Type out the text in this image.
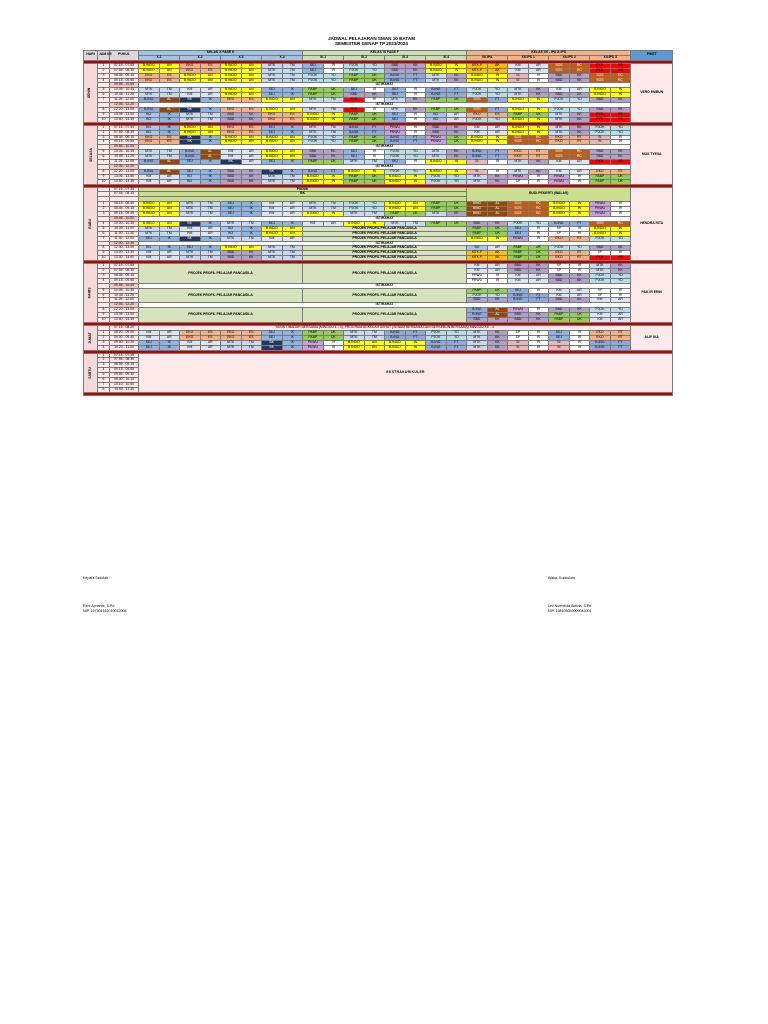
JADWAL PELAJARAN SMAN 10 BATAM
SEMESTER GENAP TP 2023/2024
HARI	JAM KE	PUKUL	KELAS X FASE E								KELAS XI FASE F								KELAS XII - IPA & IPS								PIKET
			X.1		X.2		X.3		X.4		XI.1		XI.2		XI.3		XI.4		XII.IPA		XII.IPS 1		XII.IPS 2		XII.IPS 3		

SENIN	1	07.15 - 07.55	B.INDO	AN	EKO	ES	B.INDO	AN	MTK	TM	SEJ	IR	PJOK	YD	SBD	KK	B.INDO	IN	MTK.P	AK	KM	AR	SOS	RC	PKN	KB	VERO EMBUN
	2	07.55 - 08.35	B.INDO	AN	EKO	ES	B.INDO	AN	MTK	TM	SEJ	IR	PJOK	YD	SBD	KK	B.INDO	IN	MTK.P	AK	KM	AR	SOS	RC	PKN	KB	
	3	08.35 - 09.15	EKO	ES	B.INDO	AN	B.INDO	AN	MTK	TM	PJOK	YD	PABP	UK	B.ING	FT	MTK	KK	B.INDO	IN	SI	IR	SBD	KK	SOS	RC	
	4	09.15 - 09.55	EKO	ES	B.INDO	AN	B.INDO	AN	MTK	TM	PJOK	YD	PABP	UK	B.ING	FT	MTK	KK	B.INDO	IN	SI	IR	SBD	KK	SOS	RC	
		09.55 - 10.05	ISTIRAHAT																								
	5	10.05 - 10.45	MTK	TM	KM	AR	B.INDO	AN	SEJ	IK	PABP	UK	SEJ	IR	SEJ	IR	B.ING	FT	PJOK	YD	MTK	KK	KM	AR	B.INDO	IN	
	6	10.45 - 11.25	MTK	TM	KM	AR	B.INDO	AN	SEJ	IK	PABP	UK	SBD	KK	SEJ	IR	B.ING	FT	PJOK	YD	MTK	KK	SBD	KK	B.INDO	IN	
	7	11.25 - 12.05	B.ING	AL	BK	IK	EKO	ES	B.INDO	AN	MTK	TM	PKN	IR	MTK	KK	PABP	UK	SOS	FT	B.INDO	IN	PJOK	YD	SBD	KK	
		12.05 - 12.20	ISTIRAHAT																								
	8	12.20 - 13.05	B.ING	AL	BK	IK	EKO	ES	B.INDO	AN	MTK	TM	PKN	IR	MTK	KK	PABP	UK	SOS	FT	B.INDO	IN	PJOK	YD	SBD	KK	
	9	13.05 - 13.50	BO	IK	MTK	TM	SBD	KK	EKO	ES	B.INDO	IN	PABP	UK	SEJ	IR	BO	AR	EKO	ES	PABP	UK	MTK	KK	PKN	KB	
	10	13.50 - 14.35	BO	IK	MTK	TM	SBD	KK	EKO	ES	B.INDO	IN	PABP	UK	SEJ	IR	BO	AR	PJOK	YD	B.INDO	IN	MTK	KK	PKN	KB	

SELASA	1	07.15 - 07.55	BO	IK	B.INDO	AN	EKO	ES	SEJ	IK	MTK	TM	B.ING	FT	PKWU	IR	SBD	KK	KM	AR	B.INDO	IN	MTK	KK	PJOK	YD	MUS TYESA
	2	07.55 - 08.35	BO	IK	B.INDO	AN	EKO	ES	SEJ	IK	MTK	TM	B.ING	FT	PKWU	IR	SBD	KK	KM	AR	B.INDO	IN	MTK	KK	PJOK	YD	
	3	08.35 - 09.15	EKO	ES	BK	IK	B.INDO	AN	B.INDO	AN	PJOK	YD	PABP	UK	B.ING	FT	PKWU	UK	B.INDO	IN	SOS	RC	EKO	RT	SI	IR	
	4	09.15 - 09.55	EKO	ES	BK	IK	B.INDO	AN	B.INDO	AN	PJOK	YD	PABP	UK	B.ING	FT	PKWU	UK	B.INDO	IN	SOS	RC	EKO	RT	SI	IR	
		09.55 - 10.05	ISTIRAHAT																								
	5	10.05 - 10.45	MTK	TM	B.ING	AL	KM	AR	B.INDO	AN	SBD	KK	SEJ	IR	PJOK	YD	MTK	KK	B.ING	FT	EKO	RT	SOS	RC	SBD	KK	
	6	10.45 - 11.25	MTK	TM	B.ING	AL	KM	AR	B.INDO	AN	SBD	KK	SEJ	IR	PJOK	YD	MTK	KK	B.ING	FT	EKO	RT	SOS	RC	SBD	KK	
	7	11.25 - 12.05	B.ING	AL	SEJ	IK	BK	AR	SEJ	IK	PABP	UK	MTK	TM	SEJ	IR	B.INDO	IN	SI	IR	MTK	KK	KM	AR	PKN	KB	
		12.05 - 12.20	ISTIRAHAT																								
	8	12.20 - 13.05	B.ING	AL	SEJ	IK	SBD	KK	BK	IK	B.ING	FT	B.INDO	IN	PJOK	YD	B.INDO	IN	SI	IR	MTK	KK	KM	AR	EKO	RT	
	9	13.05 - 13.50	KM	AR	BO	IK	SBD	KK	MTK	TM	B.INDO	IN	PABP	UK	B.INDO	IN	PJOK	YD	MTK	KK	PKWU	IR	PKWU	IR	PABP	UK	
	10	13.50 - 14.35	KM	AR	BO	IK	SBD	KK	MTK	TM	B.INDO	IN	PABP	UK	B.INDO	IN	PJOK	YD	MTK	KK	SP	IR	PKWU	IR	PABP	UK	

RABU		07.15 - 07.45	PIKNIK																BUDI PEKERTI (WALAS)								HENDRA RITA
		07.45 - 08.15	BK																								

	1	08.15 - 08.45	B.INDO	AN	MTK	TM	SEJ	IK	KM	AR	MTK	TM	PJOK	YD	B.INDO	AN	PABP	UK	BING	AL	SOS	RC	B.INDO	IN	PKWU	IR	
	2	08.45 - 09.15	B.INDO	AN	MTK	TM	SEJ	IK	KM	AR	MTK	TM	PJOK	YD	B.INDO	AN	PABP	UK	BING	AL	SOS	RC	B.INDO	IN	PKWU	IR	
	3	09.15 - 09.45	B.INDO	AN	MTK	TM	SEJ	IK	KM	AR	B.INDO	IN	MTK	TM	PABP	UK	MTK	KK	BING	AL	SOS	RC	B.INDO	IN	PKWU	IR	
		09.45 - 10.00	ISTIRAHAT																								
	4	10.00 - 10.30	B.INDO	AN	BK	IK	MTK	TM	SEJ	IK	KM	AR	B.INDO	IN	MTK	TM	PABP	UK	SBD	KK	PJOK	YD	B.ING	FT	SOS	RC	
	5	10.30 - 11.00	MTK	TM	KM	AR	BO	IK	B.INDO	AN	PROJEK PROFIL PELAJAR PANCASILA								PABP	UK	SEJ	IR	SP	IR	B.INDO	IN	
	6	11.00 - 11.30	MTK	TM	KM	AR	BO	IK	B.INDO	AN	PROJEK PROFIL PELAJAR PANCASILA								PABP	UK	SEJ	IR	SP	IR	B.INDO	IN	
	7	11.30 - 12.00	SEJ	IK	BK	IK	MTK	TM	KM	AR	PROJEK PROFIL PELAJAR PANCASILA								B.INDO	IN	PKWU	IR	EKO	RT	PJOK	YD	
		12.00 - 12.30	ISTIRAHAT																								
	8	12.30 - 13.00	BO	IK	SEJ	IK	B.INDO	AN	MTK	TM	PROJEK PROFIL PELAJAR PANCASILA								BO	AR	PABP	UK	PJOK	YD	SBD	KK	
	9	13.00 - 13.30	KM	AR	MTK	TM	SBD	KK	MTK	TM	PROJEK PROFIL PELAJAR PANCASILA								MTK.P	AK	PABP	UK	EKO	RT	SP	IR	
	10	13.30 - 14.00	KM	AR	MTK	TM	SBD	KK	MTK	TM	PROJEK PROFIL PELAJAR PANCASILA								MTK.P	AK	PABP	UK	EKO	RT	PKN	KB	

KAMIS	1	07.15 - 07.55	PROJEK PROFIL PELAJAR PANCASILA								PROJEK PROFIL PELAJAR PANCASILA								KM	AR	SBD	KK	SP	IR	MTK	KK	PAK IR ERIN
	2	07.55 - 08.35																	KM	AR	SBD	KK	SP	IR	MTK	KK	
	3	08.35 - 09.15																	PRWU	IR	KM	AR	SBD	KK	PJOK	YD	
	4	09.15 - 09.55																	PRWU	IR	KM	AR	SBD	KK	PJOK	YD	
		09.55 - 10.05	ISTIRAHAT																								
	5	10.05 - 10.45	PROJEK PROFIL PELAJAR PANCASILA								PROJEK PROFIL PELAJAR PANCASILA								PABP	UK	SEJ	IR	KM	AR	SP	IR	
	6	10.45 - 11.25																	PJOK	YD	B.ING	FT	KM	AR	SP	IR	
	7	11.25 - 12.05																	SBD	KK	B.ING	FT	SBD	KK	KM	AR	
		12.05 - 12.20	ISTIRAHAT																								
	8	12.20 - 13.05	PROJEK PROFIL PELAJAR PANCASILA								PROJEK PROFIL PELAJAR PANCASILA								B.ING	AL	PKWU	IR	SBD	KK	PJOK	YD	
	9	13.05 - 13.50																	B.ING	AL	SBD	KK	PABP	UK	KM	AR	
	10	13.50 - 14.35																	SBD	KK	SBD	KK	PABP	UK	KM	AR	

JUMAT		07.15 - 08.20	YASIN / IBADAH BERSAMA (MINGGU 1 - 3), PROGRAM SEKOLAH SEHAT (SENAM BERSAMA DAN BERKEBUN BERSAMA) MINGGU KE - 4																								ALIF IKA
	1	08.20 - 09.00	KM	AR	EKO	ES	EKO	ES	SEJ	IK	PABP	UK	MTK	TM	B.ING	FT	PJOK	YD	MTK	KK	SP	IR	SEJ	IR	EKO	RT	
	2	09.00 - 09.40	KM	AR	EKO	ES	EKO	ES	SEJ	IK	PABP	UK	MTK	TM	B.ING	FT	PJOK	YD	MTK	KK	SP	IR	SEJ	IR	EKO	RT	
	3	09.40 - 10.20	SEJ	IK	KM	AR	MTK	TM	BK	IK	PKWU	IR	B.INDO	AN	B.INDO	IN	B.ING	FT	MTK	KK	SI	IR	SI	IR	B.ING	FT	
	4	10.20 - 11.00	SEJ	IK	KM	AR	MTK	TM	BK	IK	PKWU	IR	B.INDO	AN	B.INDO	IN	B.ING	FT	MTK	KK	SI	IR	SI	IR	B.ING	FT	

SABTU	1	07.15 - 07.55	EKSTRAKURIKULER																								
	2	07.55 - 08.35																									
	3	08.35 - 09.15																									
	4	09.15 - 09.55																									
	5	09.55 - 09.30																									
	6	09.30 - 10.10																									
	7	10.10 - 10.50																									
	8	10.50 - 11.30																									

Kepala Sekolah
Reni Apriante, S.Pd
NIP. 197504162010012006
Waka. Kurikulum
Leli Nurmeida Aktivia, S.Pd
NIP. 198105052009042001
